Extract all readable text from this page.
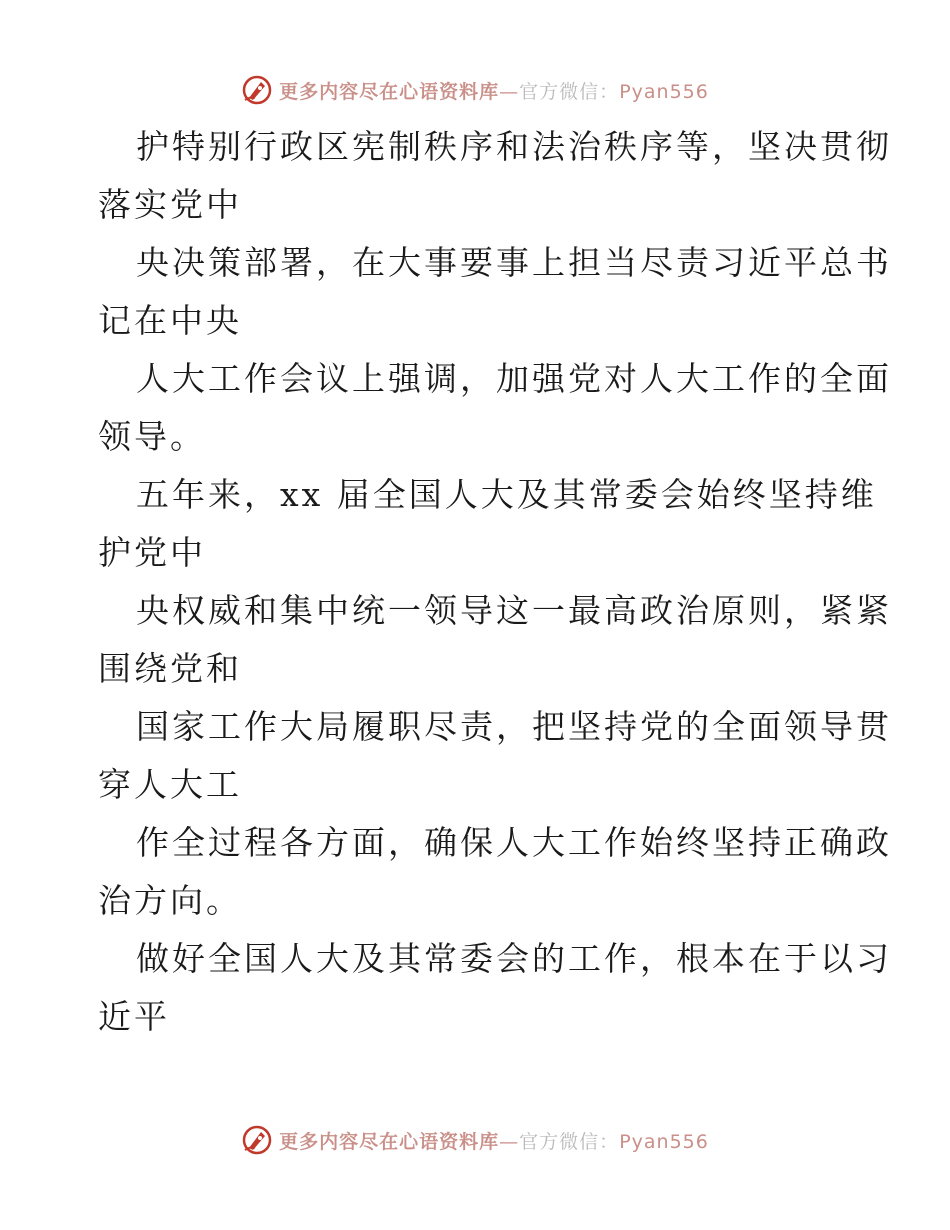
更多内容尽在心语资料库—官方微信：Pyan556
护特别行政区宪制秩序和法治秩序等，坚决贯彻
落实党中
央决策部署，在大事要事上担当尽责习近平总书
记在中央
人大工作会议上强调，加强党对人大工作的全面
领导。
五年来，xx 届全国人大及其常委会始终坚持维
护党中
央权威和集中统一领导这一最高政治原则，紧紧
围绕党和
国家工作大局履职尽责，把坚持党的全面领导贯
穿人大工
作全过程各方面，确保人大工作始终坚持正确政
治方向。
做好全国人大及其常委会的工作，根本在于以习
近平
更多内容尽在心语资料库—官方微信：Pyan556
